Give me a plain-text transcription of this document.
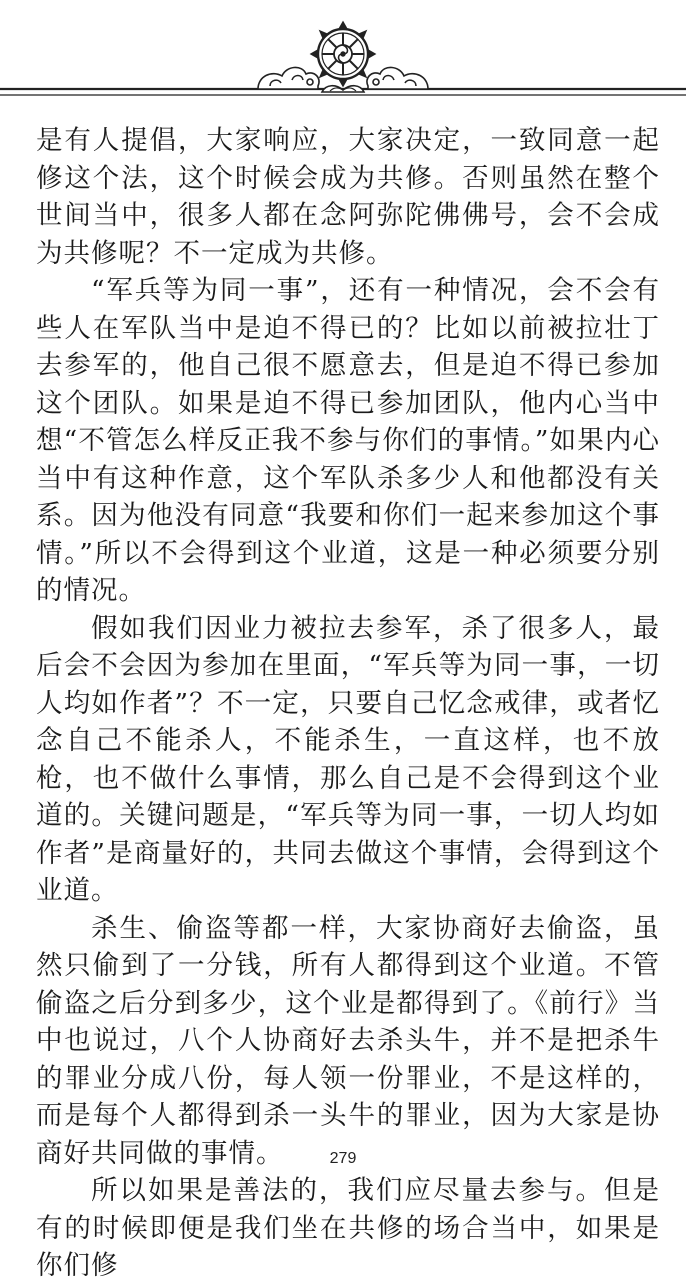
是有人提倡，大家响应，大家决定，一致同意一起修这个法，这个时候会成为共修。否则虽然在整个世间当中，很多人都在念阿弥陀佛佛号，会不会成为共修呢？不一定成为共修。

“军兵等为同一事”，还有一种情况，会不会有些人在军队当中是迫不得已的？比如以前被拉壮丁去参军的，他自己很不愿意去，但是迫不得已参加这个团队。如果是迫不得已参加团队，他内心当中想“不管怎么样反正我不参与你们的事情。”如果内心当中有这种作意，这个军队杀多少人和他都没有关系。因为他没有同意“我要和你们一起来参加这个事情。”所以不会得到这个业道，这是一种必须要分别的情况。

假如我们因业力被拉去参军，杀了很多人，最后会不会因为参加在里面，“军兵等为同一事，一切人均如作者”？不一定，只要自己忆念戒律，或者忆念自己不能杀人，不能杀生，一直这样，也不放枪，也不做什么事情，那么自己是不会得到这个业道的。关键问题是，“军兵等为同一事，一切人均如作者”是商量好的，共同去做这个事情，会得到这个业道。

杀生、偷盗等都一样，大家协商好去偷盗，虽然只偷到了一分钱，所有人都得到这个业道。不管偷盗之后分到多少，这个业是都得到了。《前行》当中也说过，八个人协商好去杀头牛，并不是把杀牛的罪业分成八份，每人领一份罪业，不是这样的，而是每个人都得到杀一头牛的罪业，因为大家是协商好共同做的事情。

所以如果是善法的，我们应尽量去参与。但是有的时候即便是我们坐在共修的场合当中，如果是你们修

279
